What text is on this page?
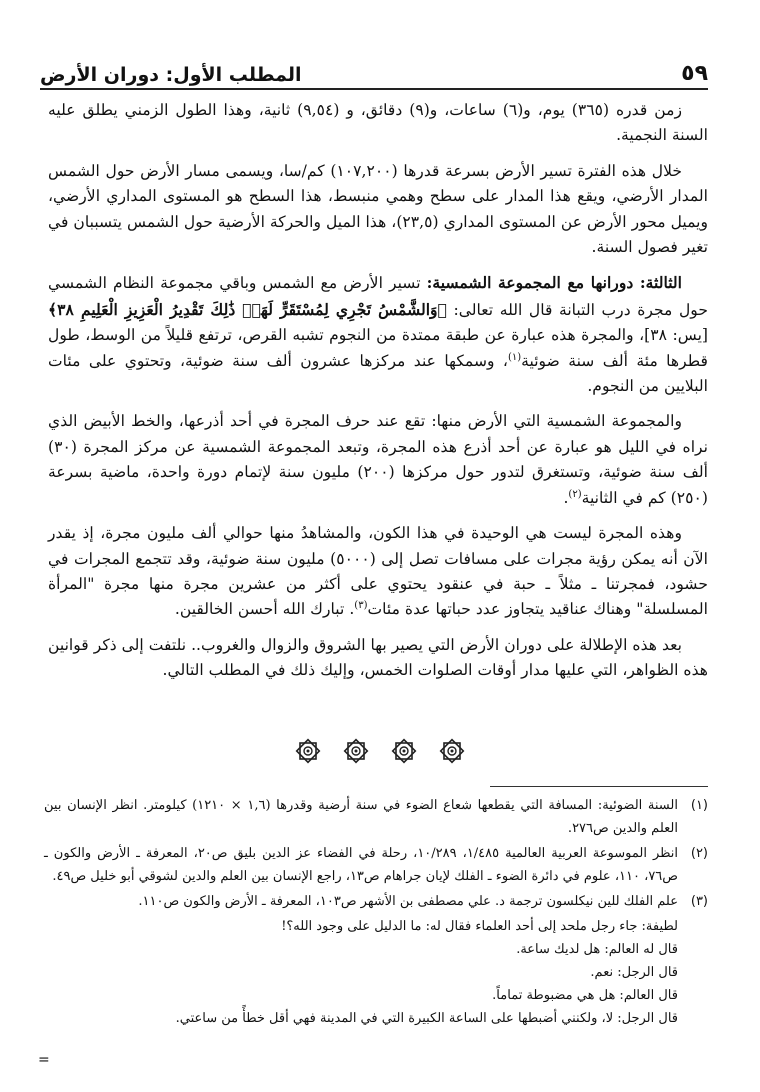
المطلب الأول: دوران الأرض	٥٩

زمن قدره (٣٦٥) يوم، و(٦) ساعات، و(٩) دقائق، و (٩,٥٤) ثانية، وهذا الطول الزمني يطلق عليه السنة النجمية.

خلال هذه الفترة تسير الأرض بسرعة قدرها (١٠٧,٢٠٠) كم/سا، ويسمى مسار الأرض حول الشمس المدار الأرضي، ويقع هذا المدار على سطح وهمي منبسط، هذا السطح هو المستوى المداري الأرضي، ويميل محور الأرض عن المستوى المداري (٢٣,٥)، هذا الميل والحركة الأرضية حول الشمس يتسببان في تغير فصول السنة.

الثالثة: دورانها مع المجموعة الشمسية: تسير الأرض مع الشمس وباقي مجموعة النظام الشمسي حول مجرة درب التبانة قال الله تعالى: ﴿وَالشَّمْسُ تَجْرِي لِمُسْتَقَرٍّ لَهَاۚ ذَٰلِكَ تَقْدِيرُ الْعَزِيزِ الْعَلِيمِ ٣٨﴾ [يس: ٣٨]، والمجرة هذه عبارة عن طبقة ممتدة من النجوم تشبه القرص، ترتفع قليلاً من الوسط، طول قطرها مئة ألف سنة ضوئية$^{(١)}$، وسمكها عند مركزها عشرون ألف سنة ضوئية، وتحتوي على مئات البلايين من النجوم.

والمجموعة الشمسية التي الأرض منها: تقع عند حرف المجرة في أحد أذرعها، والخط الأبيض الذي نراه في الليل هو عبارة عن أحد أذرع هذه المجرة، وتبعد المجموعة الشمسية عن مركز المجرة (٣٠) ألف سنة ضوئية، وتستغرق لتدور حول مركزها (٢٠٠) مليون سنة لإتمام دورة واحدة، ماضية بسرعة (٢٥٠) كم في الثانية$^{(٢)}$.

وهذه المجرة ليست هي الوحيدة في هذا الكون، والمشاهدُ منها حوالي ألف مليون مجرة، إذ يقدر الآن أنه يمكن رؤية مجرات على مسافات تصل إلى (٥٠٠٠) مليون سنة ضوئية، وقد تتجمع المجرات في حشود، فمجرتنا ـ مثلاً ـ حبة في عنقود يحتوي على أكثر من عشرين مجرة منها مجرة "المرأة المسلسلة" وهناك عناقيد يتجاوز عدد حباتها عدة مئات$^{(٣)}$. تبارك الله أحسن الخالقين.

بعد هذه الإطلالة على دوران الأرض التي يصير بها الشروق والزوال والغروب.. نلتفت إلى ذكر قوانين هذه الظواهر، التي عليها مدار أوقات الصلوات الخمس، وإليك ذلك في المطلب التالي.

(١)
السنة الضوئية: المسافة التي يقطعها شعاع الضوء في سنة أرضية وقدرها (١,٦ × ١٢١٠) كيلومتر. انظر الإنسان بين العلم والدين ص٢٧٦.
(٢)
انظر الموسوعة العربية العالمية ١/٤٨٥، ١٠/٢٨٩، رحلة في الفضاء عز الدين بليق ص٢٠، المعرفة ـ الأرض والكون ـ ص٧٦، ١١٠، علوم في دائرة الضوء ـ الفلك لإيان جراهام ص١٣، راجع الإنسان بين العلم والدين لشوقي أبو خليل ص٤٩.
(٣)
علم الفلك للين نيكلسون ترجمة د. علي مصطفى بن الأشهر ص١٠٣، المعرفة ـ الأرض والكون ص١١٠.
لطيفة: جاء رجل ملحد إلى أحد العلماء فقال له: ما الدليل على وجود الله؟!
قال له العالم: هل لديك ساعة.
قال الرجل: نعم.
قال العالم: هل هي مضبوطة تماماً.
قال الرجل: لا، ولكنني أضبطها على الساعة الكبيرة التي في المدينة فهي أقل خطأً من ساعتي.
=
